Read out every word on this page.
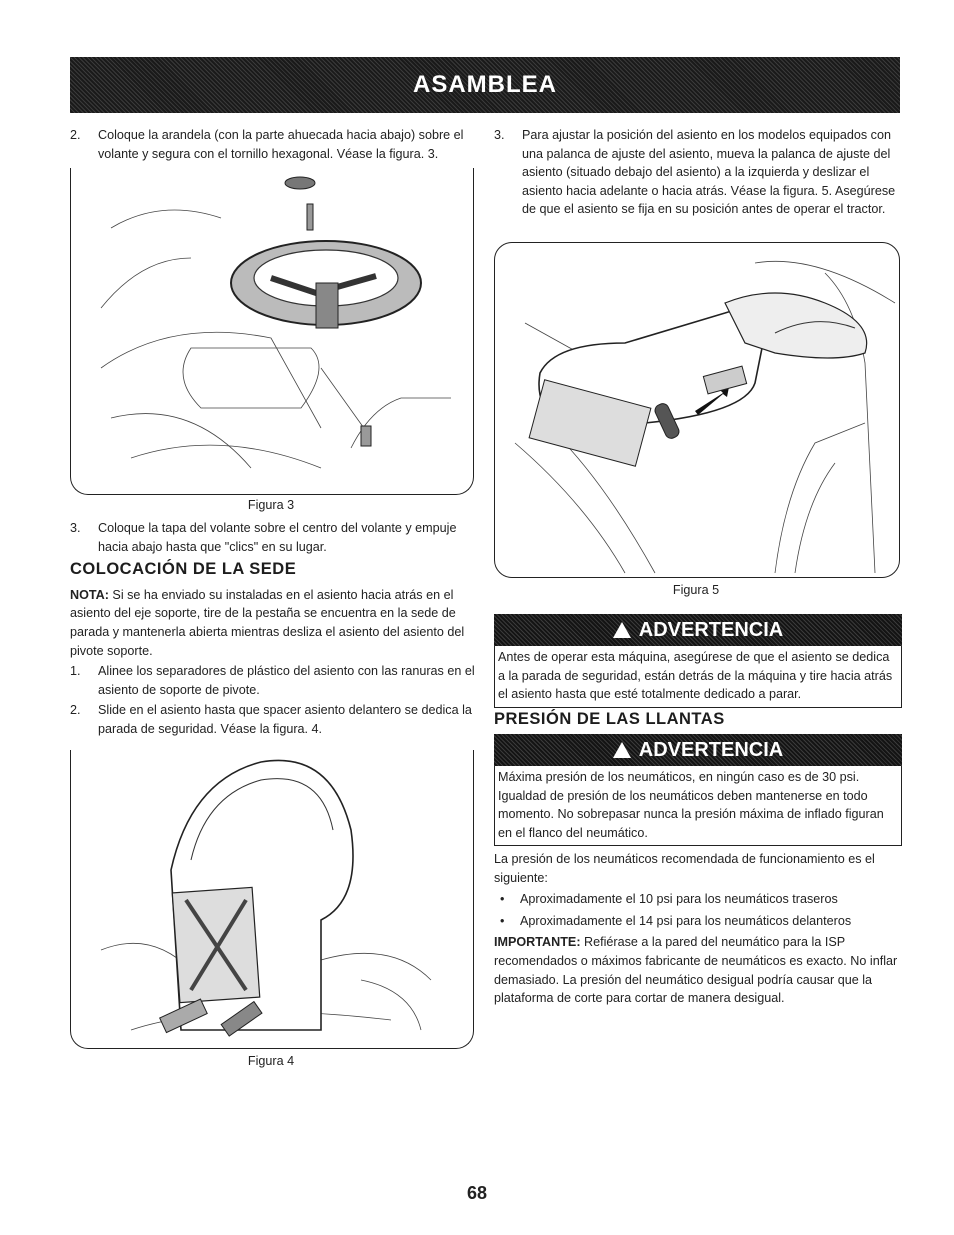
ASAMBLEA
2.	Coloque la arandela (con la parte ahuecada hacia abajo) sobre el volante y segura con el tornillo hexagonal. Véase la figura. 3.
Figura 3
3.	Coloque la tapa del volante sobre el centro del volante y empuje hacia abajo hasta que "clics" en su lugar.
COLOCACIÓN DE LA SEDE
NOTA: Si se ha enviado su instaladas en el asiento hacia atrás en el asiento del eje soporte, tire de la pestaña se encuentra en la sede de parada y mantenerla abierta mientras desliza el asiento del asiento del pivote soporte.
1.	Alinee los separadores de plástico del asiento con las ranuras en el asiento de soporte de pivote.
2.	Slide en el asiento hasta que spacer asiento delantero se dedica la parada de seguridad. Véase la figura. 4.
Figura 4
3.	Para ajustar la posición del asiento en los modelos equipados con una palanca de ajuste del asiento, mueva la palanca de ajuste del asiento (situado debajo del asiento) a la izquierda y deslizar el asiento hacia adelante o hacia atrás. Véase la figura. 5. Asegúrese de que el asiento se fija en su posición antes de operar el tractor.
Figura 5
ADVERTENCIA
Antes de operar esta máquina, asegúrese de que el asiento se dedica a la parada de seguridad, están detrás de la máquina y tire hacia atrás el asiento hasta que esté totalmente dedicado a parar.
PRESIÓN DE LAS LLANTAS
ADVERTENCIA
Máxima presión de los neumáticos, en ningún caso es de 30 psi. Igualdad de presión de los neumáticos deben mantenerse en todo momento. No sobrepasar nunca la presión máxima de inflado figuran en el flanco del neumático.
La presión de los neumáticos recomendada de funcionamiento es el siguiente:
•	Aproximadamente el 10 psi para los neumáticos traseros
•	Aproximadamente el 14 psi para los neumáticos delanteros
IMPORTANTE: Refiérase a la pared del neumático para la ISP recomendados o máximos fabricante de neumáticos es exacto. No inflar demasiado. La presión del neumático desigual podría causar que la plataforma de corte para cortar de manera desigual.
68
